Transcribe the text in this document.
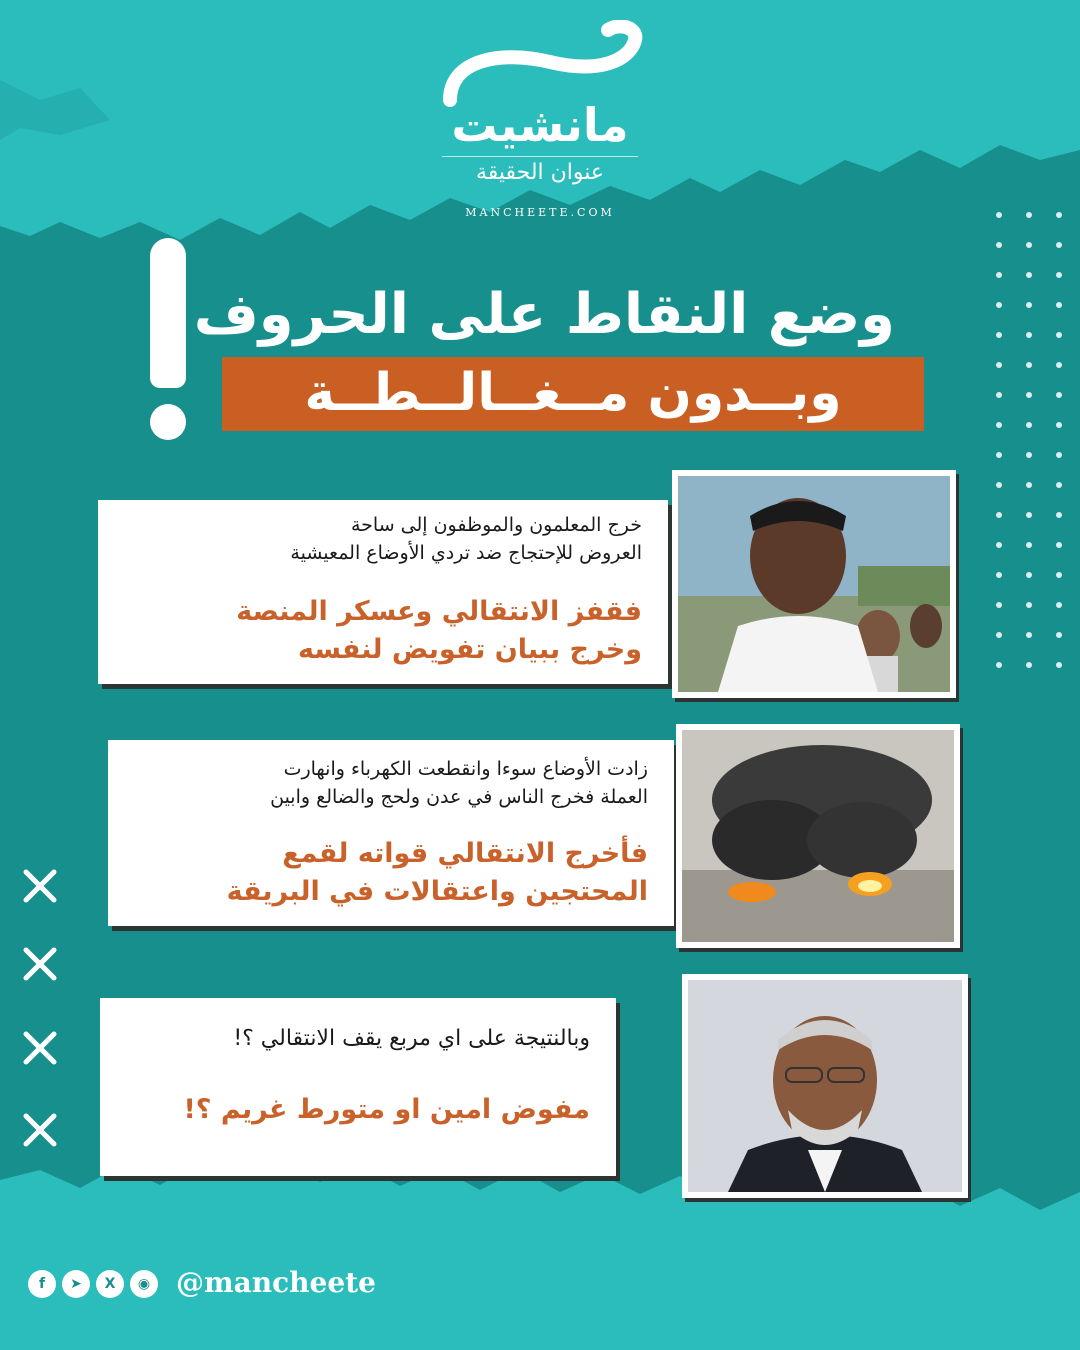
مانشيت
عنوان الحقيقة
MANCHEETE.COM
وضع النقاط على الحروف
وبــدون مــغــالــطــة
خرج المعلمون والموظفون إلى ساحة
العروض للإحتجاج ضد تردي الأوضاع المعيشية
فقفز الانتقالي وعسكر المنصة
وخرج ببيان تفويض لنفسه
زادت الأوضاع سوءا وانقطعت الكهرباء وانهارت
العملة فخرج الناس في عدن ولحج والضالع وابين
فأخرج الانتقالي قواته لقمع
المحتجين واعتقالات في البريقة
وبالنتيجة على اي مربع يقف الانتقالي ؟!
مفوض امين او متورط غريم ؟!
f	➤	X	◉ @mancheete
